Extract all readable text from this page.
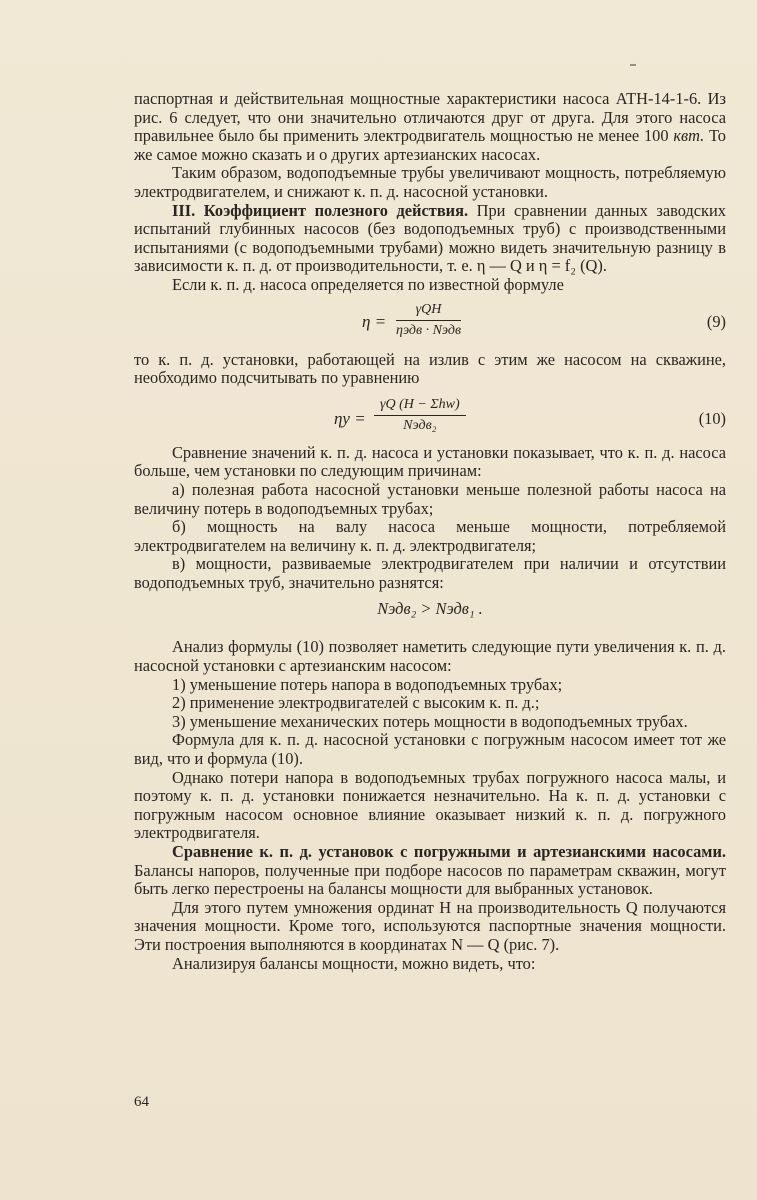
паспортная и действительная мощностные характеристики насоса АТН-14-1-6. Из рис. 6 следует, что они значительно отличаются друг от друга. Для этого насоса правильнее было бы применить электродвигатель мощностью не менее 100 квт. То же самое можно сказать и о других артезианских насосах.

Таким образом, водоподъемные трубы увеличивают мощность, потребляемую электродвигателем, и снижают к. п. д. насосной установки.

III. Коэффициент полезного действия. При сравнении данных заводских испытаний глубинных насосов (без водоподъемных труб) с производственными испытаниями (с водоподъемными трубами) можно видеть значительную разницу в зависимости к. п. д. от производительности, т. е. η — Q и η = f₂ (Q).

Если к. п. д. насоса определяется по известной формуле

η =
γQH
ηэдв · Nэдв
(9)

то к. п. д. установки, работающей на излив с этим же насосом на скважине, необходимо подсчитывать по уравнению

ηу =
γQ (H − Σhw)
Nэдв₂	(10)

Сравнение значений к. п. д. насоса и установки показывает, что к. п. д. насоса больше, чем установки по следующим причинам:

а) полезная работа насосной установки меньше полезной работы насоса на величину потерь в водоподъемных трубах;

б) мощность на валу насоса меньше мощности, потребляемой электродвигателем на величину к. п. д. электродвигателя;

в) мощности, развиваемые электродвигателем при наличии и отсутствии водоподъемных труб, значительно разнятся:

Nэдв₂ > Nэдв₁ .

Анализ формулы (10) позволяет наметить следующие пути увеличения к. п. д. насосной установки с артезианским насосом:

1) уменьшение потерь напора в водоподъемных трубах;

2) применение электродвигателей с высоким к. п. д.;

3) уменьшение механических потерь мощности в водоподъемных трубах.

Формула для к. п. д. насосной установки с погружным насосом имеет тот же вид, что и формула (10).

Однако потери напора в водоподъемных трубах погружного насоса малы, и поэтому к. п. д. установки понижается незначительно. На к. п. д. установки с погружным насосом основное влияние оказывает низкий к. п. д. погружного электродвигателя.

Сравнение к. п. д. установок с погружными и артезианскими насосами. Балансы напоров, полученные при подборе насосов по параметрам скважин, могут быть легко перестроены на балансы мощности для выбранных установок.

Для этого путем умножения ординат H на производительность Q получаются значения мощности. Кроме того, используются паспортные значения мощности. Эти построения выполняются в координатах N — Q (рис. 7).

Анализируя балансы мощности, можно видеть, что:

64
